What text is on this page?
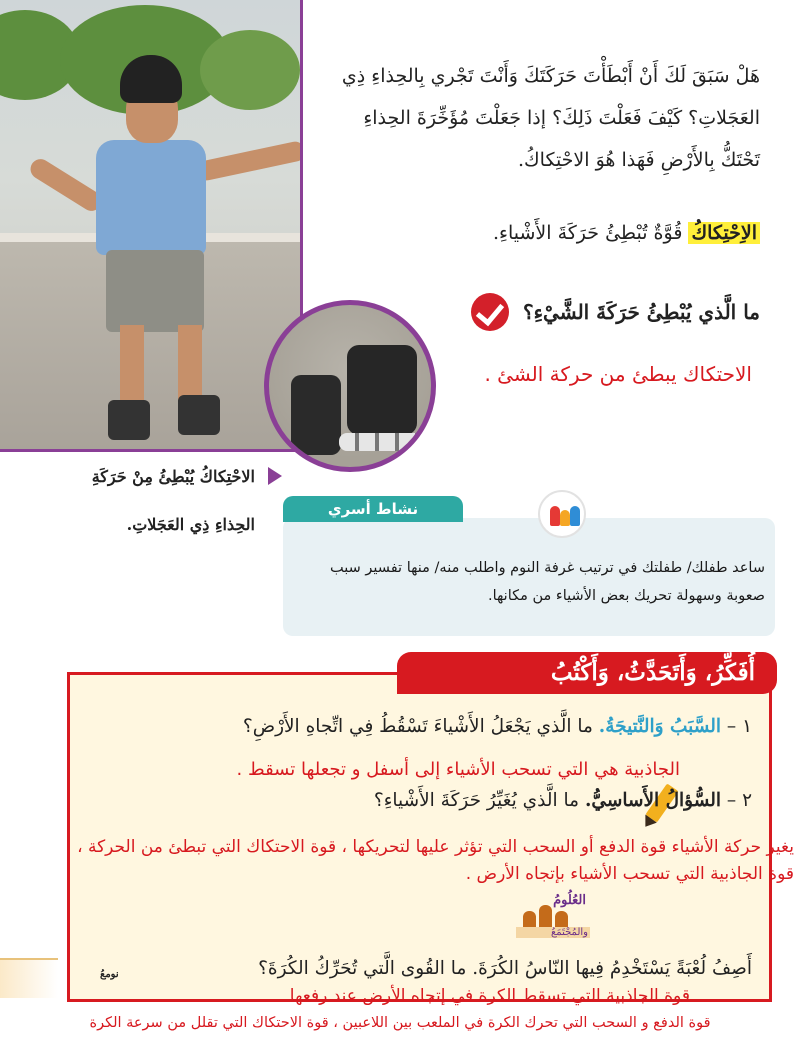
الاحْتِكاكُ يُبْطِئُ مِنْ حَرَكَةِ
الحِذاءِ ذِي العَجَلاتِ.
هَلْ سَبَقَ لَكَ أَنْ أَبْطَأْتَ حَرَكَتَكَ وَأَنْتَ تَجْري بِالحِذاءِ ذِي العَجَلاتِ؟ كَيْفَ فَعَلْتَ ذَلِكَ؟ إذا جَعَلْتَ مُؤَخِّرَةَ الحِذاءِ تَحْتَكُّ بِالأَرْضِ فَهَذا هُوَ الاحْتِكاكُ.
الاِحْتِكاكُ قُوَّةٌ تُبْطِئُ حَرَكَةَ الأَشْياءِ.
ما الَّذي يُبْطِئُ حَرَكَةَ الشَّيْءِ؟
الاحتكاك يبطئ من حركة الشئ .
نشاط أسري
ساعد طفلك/ طفلتك في ترتيب غرفة النوم واطلب منه/ منها تفسير سبب صعوبة وسهولة تحريك بعض الأشياء من مكانها.
أُفَكِّرُ، وَأَتَحَدَّثُ، وَأَكْتُبُ
١ – السَّبَبُ وَالنَّتيجَةُ. ما الَّذي يَجْعَلُ الأَشْياءَ تَسْقُطُ فِي اتِّجاهِ الأَرْضِ؟
الجاذبية هي التي تسحب الأشياء إلى أسفل و تجعلها تسقط .
٢ – السُّؤالُ الأَساسِيُّ. ما الَّذي يُغَيِّرُ حَرَكَةَ الأَشْياءِ؟
يغير حركة الأشياء قوة الدفع أو السحب التي تؤثر عليها لتحريكها ، قوة الاحتكاك التي تبطئ من الحركة ، قوة الجاذبية التي تسحب الأشياء بإتجاه الأرض .
العُلُومُ
والمُجْتَمَعُ
أَصِفُ لُعْبَةً يَسْتَخْدِمُ فِيها النّاسُ الكُرَةَ. ما القُوى الَّتي تُحَرِّكُ الكُرَةَ؟
نومعُ
قوة الجاذبية التي تسقط الكرة في إتجاه الأرض عند رفعها
قوة الدفع و السحب التي تحرك الكرة في الملعب بين اللاعبين ، قوة الاحتكاك التي تقلل من سرعة الكرة
